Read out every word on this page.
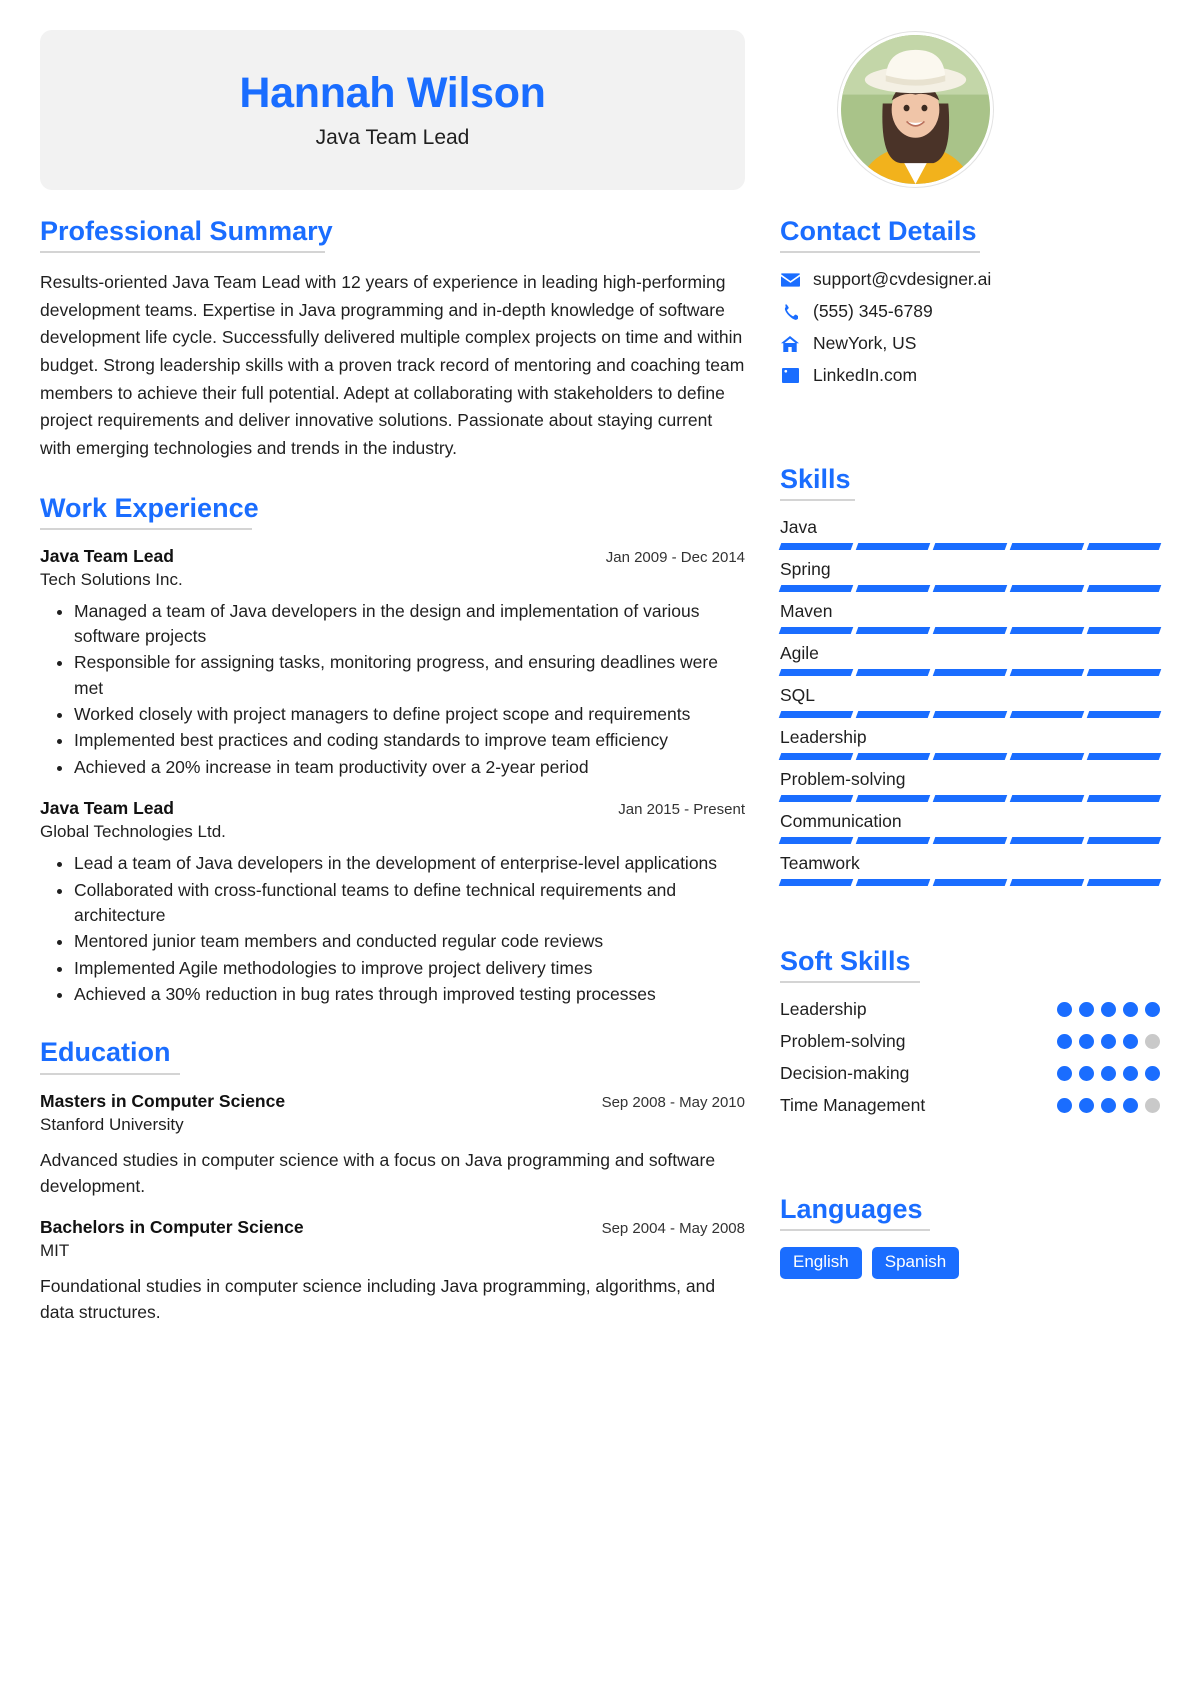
Hannah Wilson
Java Team Lead
Professional Summary

Results-oriented Java Team Lead with 12 years of experience in leading high-performing development teams. Expertise in Java programming and in-depth knowledge of software development life cycle. Successfully delivered multiple complex projects on time and within budget. Strong leadership skills with a proven track record of mentoring and coaching team members to achieve their full potential. Adept at collaborating with stakeholders to define project requirements and deliver innovative solutions. Passionate about staying current with emerging technologies and trends in the industry.

Work Experience
Java Team Lead	Jan 2009 - Dec 2014
Tech Solutions Inc.
• Managed a team of Java developers in the design and implementation of various software projects
• Responsible for assigning tasks, monitoring progress, and ensuring deadlines were met
• Worked closely with project managers to define project scope and requirements
• Implemented best practices and coding standards to improve team efficiency
• Achieved a 20% increase in team productivity over a 2-year period
Java Team Lead	Jan 2015 - Present
Global Technologies Ltd.
• Lead a team of Java developers in the development of enterprise-level applications
• Collaborated with cross-functional teams to define technical requirements and architecture
• Mentored junior team members and conducted regular code reviews
• Implemented Agile methodologies to improve project delivery times
• Achieved a 30% reduction in bug rates through improved testing processes
Education
Masters in Computer Science	Sep 2008 - May 2010
Stanford University

Advanced studies in computer science with a focus on Java programming and software development.

Bachelors in Computer Science	Sep 2004 - May 2008
MIT

Foundational studies in computer science including Java programming, algorithms, and data structures.

Contact Details
support@cvdesigner.ai
(555) 345-6789
NewYork, US
LinkedIn.com
Skills
Java
Spring
Maven
Agile
SQL
Leadership
Problem-solving
Communication
Teamwork
Soft Skills
Leadership
Problem-solving
Decision-making
Time Management
Languages
English	Spanish
